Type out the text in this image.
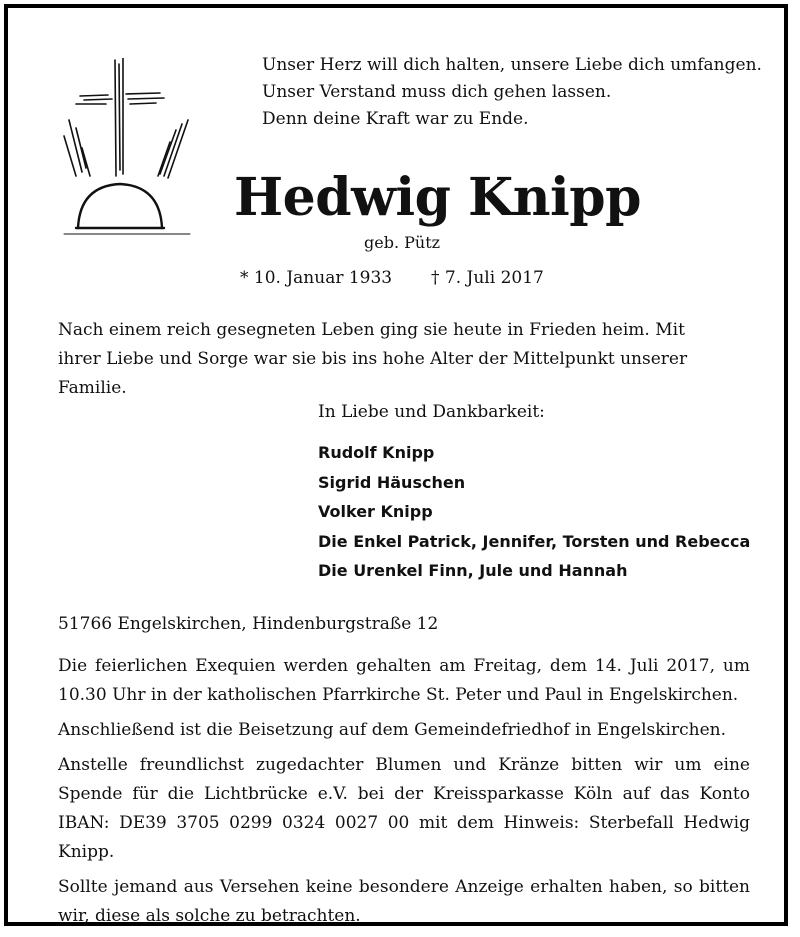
Unser Herz will dich halten, unsere Liebe dich umfangen.
Unser Verstand muss dich gehen lassen.
Denn deine Kraft war zu Ende.
Hedwig Knipp
geb. Pütz
* 10. Januar 1933 † 7. Juli 2017
Nach einem reich gesegneten Leben ging sie heute in Frieden heim. Mit ihrer Liebe und Sorge war sie bis ins hohe Alter der Mittelpunkt unserer Familie.
In Liebe und Dankbarkeit:
Rudolf Knipp
Sigrid Häuschen
Volker Knipp
Die Enkel Patrick, Jennifer, Torsten und Rebecca
Die Urenkel Finn, Jule und Hannah
51766 Engelskirchen, Hindenburgstraße 12

Die feierlichen Exequien werden gehalten am Freitag, dem 14. Juli 2017, um 10.30 Uhr in der katholischen Pfarrkirche St. Peter und Paul in Engelskirchen.

Anschließend ist die Beisetzung auf dem Gemeindefriedhof in Engelskirchen.

Anstelle freundlichst zugedachter Blumen und Kränze bitten wir um eine Spende für die Lichtbrücke e.V. bei der Kreissparkasse Köln auf das Konto IBAN: DE39 3705 0299 0324 0027 00 mit dem Hinweis: Sterbefall Hedwig Knipp.

Sollte jemand aus Versehen keine besondere Anzeige erhalten haben, so bitten wir, diese als solche zu betrachten.
